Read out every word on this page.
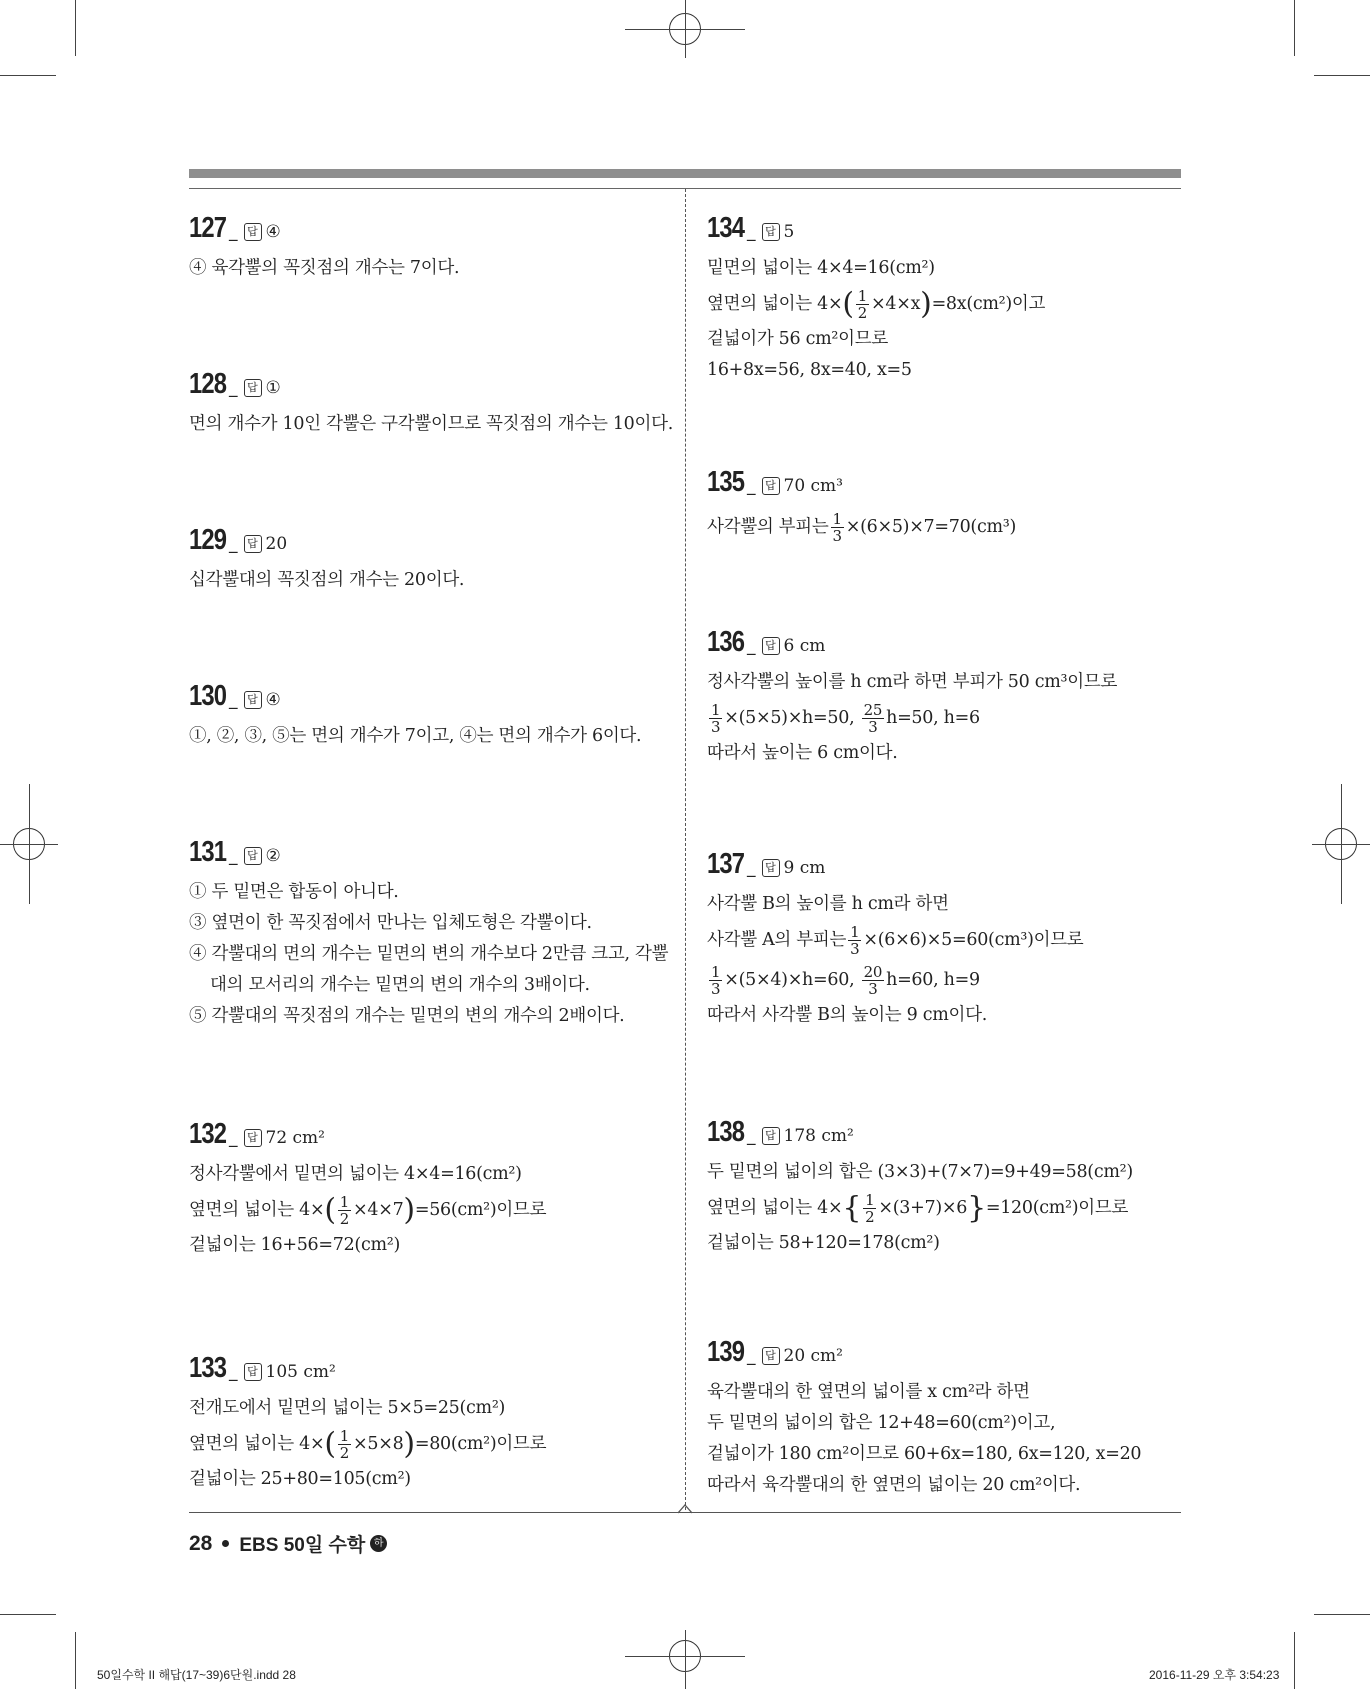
127 _ 답 ④
④ 육각뿔의 꼭짓점의 개수는 7이다.
128 _ 답 ①
면의 개수가 10인 각뿔은 구각뿔이므로 꼭짓점의 개수는 10이다.
129 _ 답 20
십각뿔대의 꼭짓점의 개수는 20이다.
130 _ 답 ④
①, ②, ③, ⑤는 면의 개수가 7이고, ④는 면의 개수가 6이다.
131 _ 답 ②
① 두 밑면은 합동이 아니다.
③ 옆면이 한 꼭짓점에서 만나는 입체도형은 각뿔이다.
④ 각뿔대의 면의 개수는 밑면의 변의 개수보다 2만큼 크고, 각뿔
대의 모서리의 개수는 밑면의 변의 개수의 3배이다.
⑤ 각뿔대의 꼭짓점의 개수는 밑면의 변의 개수의 2배이다.
132 _ 답 72 cm²
정사각뿔에서 밑면의 넓이는 4×4=16(cm²)
옆면의 넓이는 $4\times( \frac{1}{2} \times 4\times 7)=56(cm^2)$이므로
겉넓이는 16+56=72(cm²)
133 _ 답 105 cm²
전개도에서 밑면의 넓이는 5×5=25(cm²)
옆면의 넓이는 $4\times( \frac{1}{2} \times 5\times 8)=80(cm^2)$이므로
겉넓이는 25+80=105(cm²)
134 _ 답 5
밑면의 넓이는 4×4=16(cm²)
옆면의 넓이는 $4\times( \frac{1}{2} \times 4\times x)=8x(cm^2)$이고
겉넓이가 56 cm²이므로
16+8x=56, 8x=40, x=5
135 _ 답 70 cm³
사각뿔의 부피는 $\frac{1}{3} \times(6\times 5)\times 7=70(cm^3)$
136 _ 답 6 cm
정사각뿔의 높이를 h cm라 하면 부피가 50 cm³이므로
$\frac{1}{3} \times(5\times 5)\times h=50$, $\frac{25}{3} h=50$, h=6
따라서 높이는 6 cm이다.
137 _ 답 9 cm
사각뿔 B의 높이를 h cm라 하면
사각뿔 A의 부피는 $\frac{1}{3} \times(6\times 6)\times 5=60(cm^3)$이므로
$\frac{1}{3} \times(5\times 4)\times h=60$, $\frac{20}{3} h=60$, h=9
따라서 사각뿔 B의 높이는 9 cm이다.
138 _ 답 178 cm²
두 밑면의 넓이의 합은 (3×3)+(7×7)=9+49=58(cm²)
옆면의 넓이는 $4\times\{ \frac{1}{2} \times(3+7)\times 6\}=120(cm^2)$이므로
겉넓이는 58+120=178(cm²)
139 _ 답 20 cm²
육각뿔대의 한 옆면의 넓이를 x cm²라 하면
두 밑면의 넓이의 합은 12+48=60(cm²)이고,
겉넓이가 180 cm²이므로 60+6x=180, 6x=120, x=20
따라서 육각뿔대의 한 옆면의 넓이는 20 cm²이다.
28 EBS 50일 수학 하
50일수학 II 해답(17~39)6단원.indd 28	2016-11-29 오후 3:54:23
